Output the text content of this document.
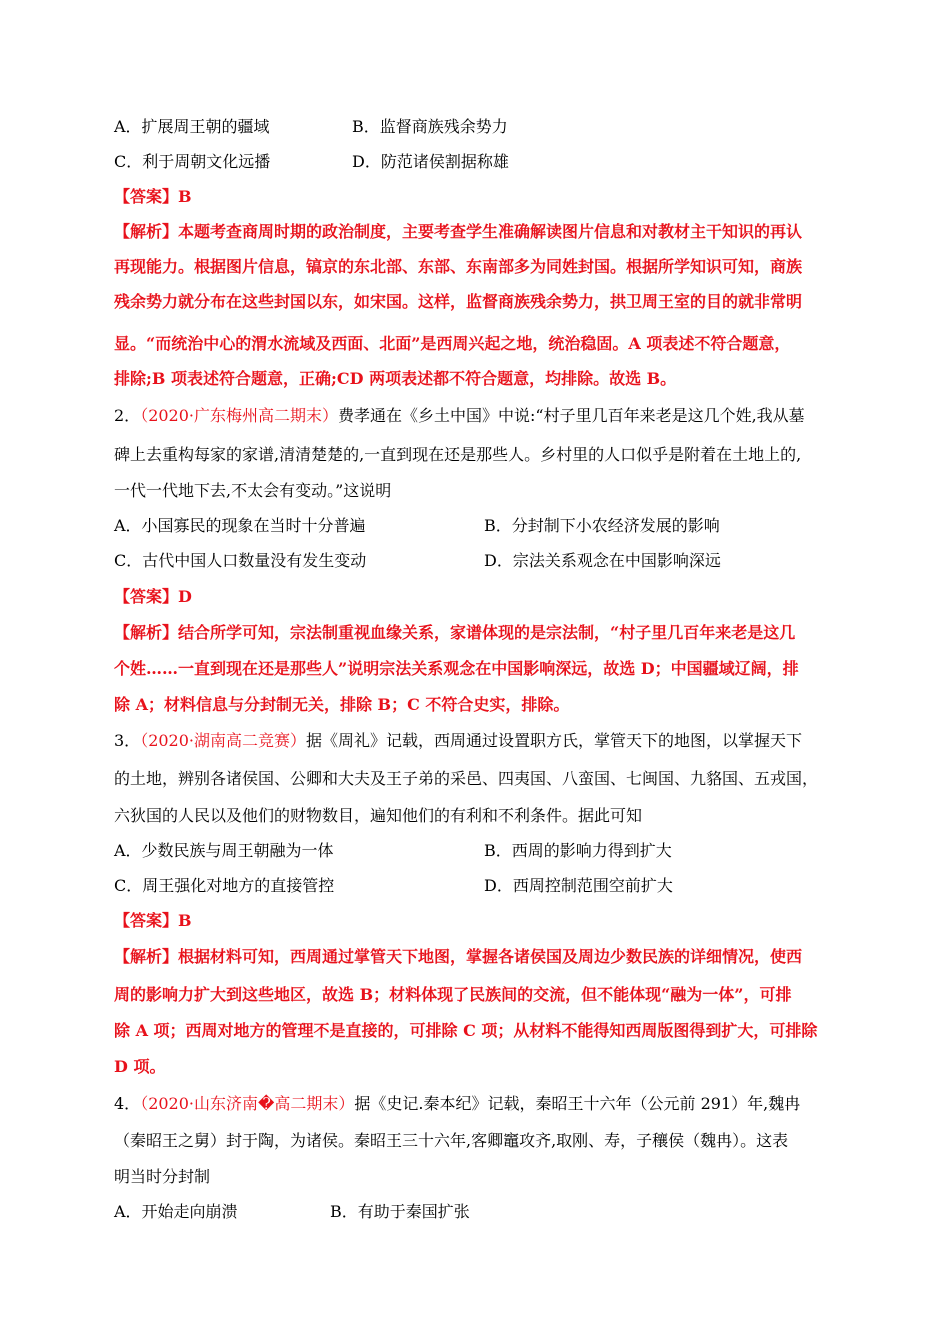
A．扩展周王朝的疆域	B．监督商族残余势力
C．利于周朝文化远播	D．防范诸侯割据称雄
【答案】B
【解析】本题考查商周时期的政治制度，主要考查学生准确解读图片信息和对教材主干知识的再认
再现能力。根据图片信息，镐京的东北部、东部、东南部多为同姓封国。根据所学知识可知，商族
残余势力就分布在这些封国以东，如宋国。这样，监督商族残余势力，拱卫周王室的目的就非常明
显。“而统治中心的渭水流域及西面、北面”是西周兴起之地，统治稳固。A 项表述不符合题意，
排除;B 项表述符合题意，正确;CD 两项表述都不符合题意，均排除。故选 B。
2．（2020·广东梅州高二期末）费孝通在《乡土中国》中说:“村子里几百年来老是这几个姓,我从墓
碑上去重构每家的家谱,清清楚楚的,一直到现在还是那些人。乡村里的人口似乎是附着在土地上的,
一代一代地下去,不太会有变动。”这说明
A．小国寡民的现象在当时十分普遍	B．分封制下小农经济发展的影响
C．古代中国人口数量没有发生变动	D．宗法关系观念在中国影响深远
【答案】D
【解析】结合所学可知，宗法制重视血缘关系，家谱体现的是宗法制，“村子里几百年来老是这几
个姓……一直到现在还是那些人”说明宗法关系观念在中国影响深远，故选 D；中国疆域辽阔，排
除 A；材料信息与分封制无关，排除 B；C 不符合史实，排除。
3．（2020·湖南高二竞赛）据《周礼》记载，西周通过设置职方氏，掌管天下的地图，以掌握天下
的土地，辨别各诸侯国、公卿和大夫及王子弟的采邑、四夷国、八蛮国、七闽国、九貉国、五戎国，
六狄国的人民以及他们的财物数目，遍知他们的有利和不利条件。据此可知
A．少数民族与周王朝融为一体	B．西周的影响力得到扩大
C．周王强化对地方的直接管控	D．西周控制范围空前扩大
【答案】B
【解析】根据材料可知，西周通过掌管天下地图，掌握各诸侯国及周边少数民族的详细情况，使西
周的影响力扩大到这些地区，故选 B；材料体现了民族间的交流，但不能体现“融为一体”，可排
除 A 项；西周对地方的管理不是直接的，可排除 C 项；从材料不能得知西周版图得到扩大，可排除
D 项。
4．（2020·山东济南�高二期末）据《史记.秦本纪》记载，秦昭王十六年（公元前 291）年,魏冉
（秦昭王之舅）封于陶，为诸侯。秦昭王三十六年,客卿竈攻齐,取刚、寿，子穰侯（魏冉）。这表
明当时分封制
A．开始走向崩溃	B．有助于秦国扩张
